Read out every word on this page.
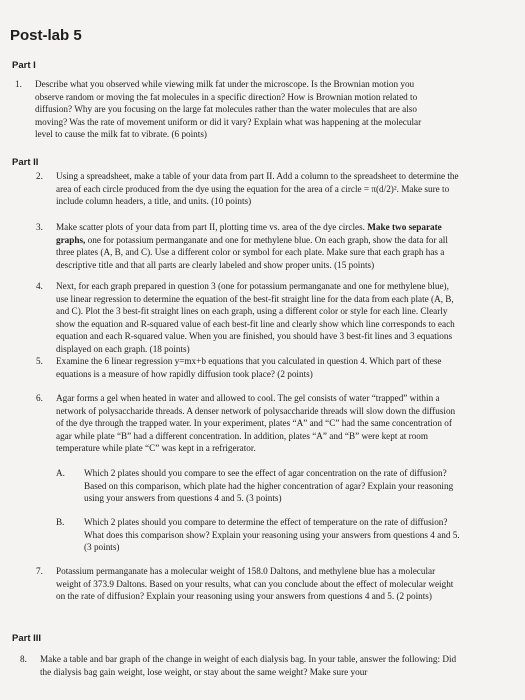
Post-lab 5
Part I
1.	Describe what you observed while viewing milk fat under the microscope. Is the Brownian motion you observe random or moving the fat molecules in a specific direction? How is Brownian motion related to diffusion? Why are you focusing on the large fat molecules rather than the water molecules that are also moving? Was the rate of movement uniform or did it vary? Explain what was happening at the molecular level to cause the milk fat to vibrate. (6 points)
Part II
2.	Using a spreadsheet, make a table of your data from part II. Add a column to the spreadsheet to determine the area of each circle produced from the dye using the equation for the area of a circle = π(d/2)². Make sure to include column headers, a title, and units. (10 points)
3.	Make scatter plots of your data from part II, plotting time vs. area of the dye circles. Make two separate graphs, one for potassium permanganate and one for methylene blue. On each graph, show the data for all three plates (A, B, and C). Use a different color or symbol for each plate. Make sure that each graph has a descriptive title and that all parts are clearly labeled and show proper units. (15 points)
4.	Next, for each graph prepared in question 3 (one for potassium permanganate and one for methylene blue), use linear regression to determine the equation of the best-fit straight line for the data from each plate (A, B, and C). Plot the 3 best-fit straight lines on each graph, using a different color or style for each line. Clearly show the equation and R-squared value of each best-fit line and clearly show which line corresponds to each equation and each R-squared value. When you are finished, you should have 3 best-fit lines and 3 equations displayed on each graph. (18 points)
5.	Examine the 6 linear regression y=mx+b equations that you calculated in question 4. Which part of these equations is a measure of how rapidly diffusion took place? (2 points)
6.	Agar forms a gel when heated in water and allowed to cool. The gel consists of water “trapped” within a network of polysaccharide threads. A denser network of polysaccharide threads will slow down the diffusion of the dye through the trapped water. In your experiment, plates “A” and “C” had the same concentration of agar while plate “B” had a different concentration. In addition, plates “A” and “B” were kept at room temperature while plate “C” was kept in a refrigerator.
A.	Which 2 plates should you compare to see the effect of agar concentration on the rate of diffusion? Based on this comparison, which plate had the higher concentration of agar? Explain your reasoning using your answers from questions 4 and 5. (3 points)
B.	Which 2 plates should you compare to determine the effect of temperature on the rate of diffusion? What does this comparison show? Explain your reasoning using your answers from questions 4 and 5. (3 points)
7.	Potassium permanganate has a molecular weight of 158.0 Daltons, and methylene blue has a molecular weight of 373.9 Daltons. Based on your results, what can you conclude about the effect of molecular weight on the rate of diffusion? Explain your reasoning using your answers from questions 4 and 5. (2 points)
Part III
8.	Make a table and bar graph of the change in weight of each dialysis bag. In your table, answer the following: Did the dialysis bag gain weight, lose weight, or stay about the same weight? Make sure your
